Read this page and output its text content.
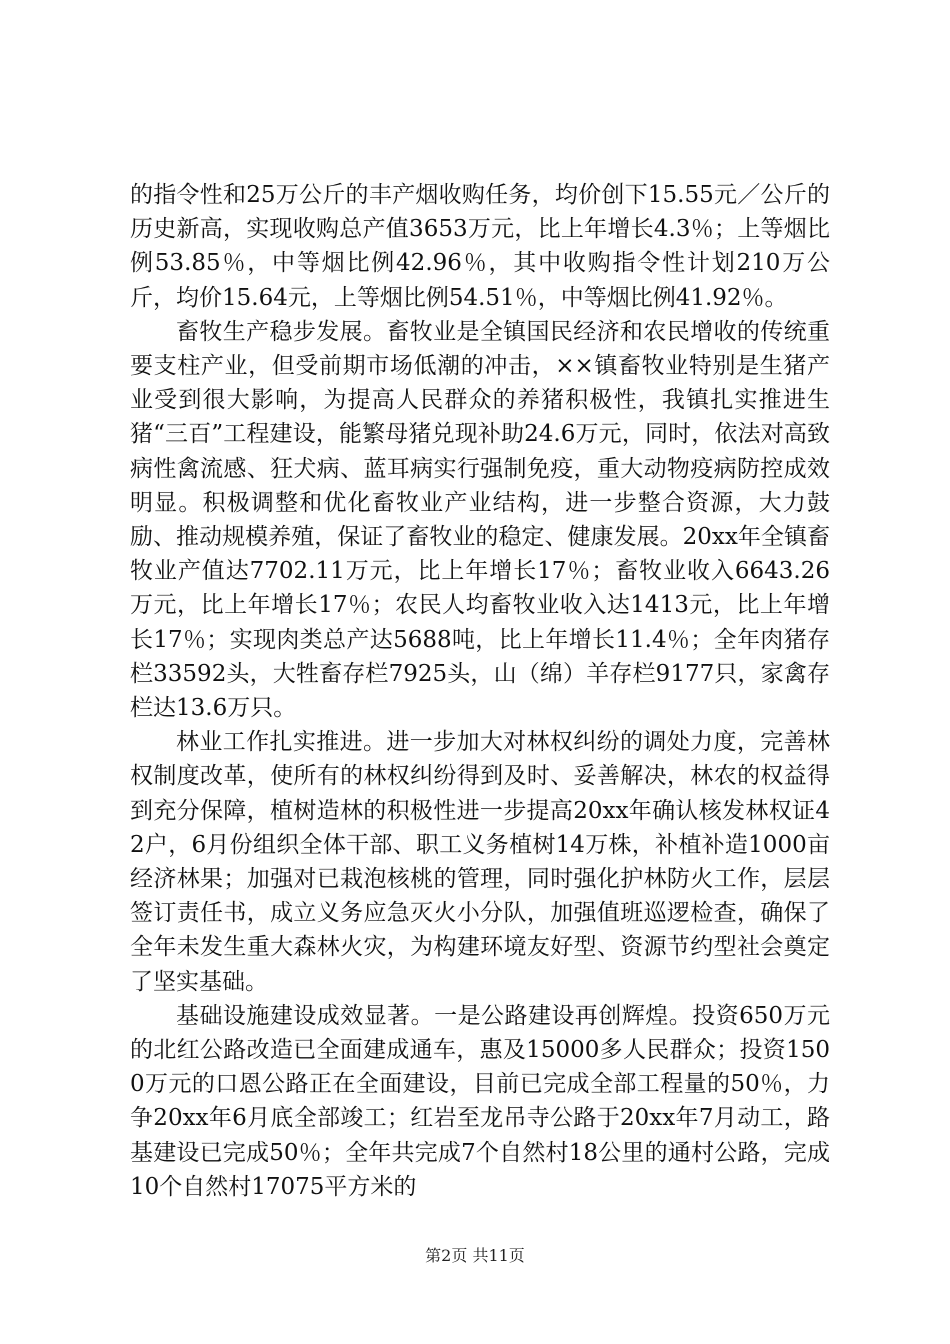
的指令性和25万公斤的丰产烟收购任务，均价创下15.55元／公斤的历史新高，实现收购总产值3653万元，比上年增长4.3％；上等烟比例53.85％，中等烟比例42.96％，其中收购指令性计划210万公斤，均价15.64元，上等烟比例54.51％，中等烟比例41.92％。

畜牧生产稳步发展。畜牧业是全镇国民经济和农民增收的传统重要支柱产业，但受前期市场低潮的冲击，××镇畜牧业特别是生猪产业受到很大影响，为提高人民群众的养猪积极性，我镇扎实推进生猪“三百”工程建设，能繁母猪兑现补助24.6万元，同时，依法对高致病性禽流感、狂犬病、蓝耳病实行强制免疫，重大动物疫病防控成效明显。积极调整和优化畜牧业产业结构，进一步整合资源，大力鼓励、推动规模养殖，保证了畜牧业的稳定、健康发展。20xx年全镇畜牧业产值达7702.11万元，比上年增长17％；畜牧业收入6643.26万元，比上年增长17％；农民人均畜牧业收入达1413元，比上年增长17％；实现肉类总产达5688吨，比上年增长11.4％；全年肉猪存栏33592头，大牲畜存栏7925头，山（绵）羊存栏9177只，家禽存栏达13.6万只。

林业工作扎实推进。进一步加大对林权纠纷的调处力度，完善林权制度改革，使所有的林权纠纷得到及时、妥善解决，林农的权益得到充分保障，植树造林的积极性进一步提高20xx年确认核发林权证42户，6月份组织全体干部、职工义务植树14万株，补植补造1000亩经济林果；加强对已栽泡核桃的管理，同时强化护林防火工作，层层签订责任书，成立义务应急灭火小分队，加强值班巡逻检查，确保了全年未发生重大森林火灾，为构建环境友好型、资源节约型社会奠定了坚实基础。

基础设施建设成效显著。一是公路建设再创辉煌。投资650万元的北红公路改造已全面建成通车，惠及15000多人民群众；投资1500万元的口恩公路正在全面建设，目前已完成全部工程量的50％，力争20xx年6月底全部竣工；红岩至龙吊寺公路于20xx年7月动工，路基建设已完成50％；全年共完成7个自然村18公里的通村公路，完成10个自然村17075平方米的

第2页 共11页
